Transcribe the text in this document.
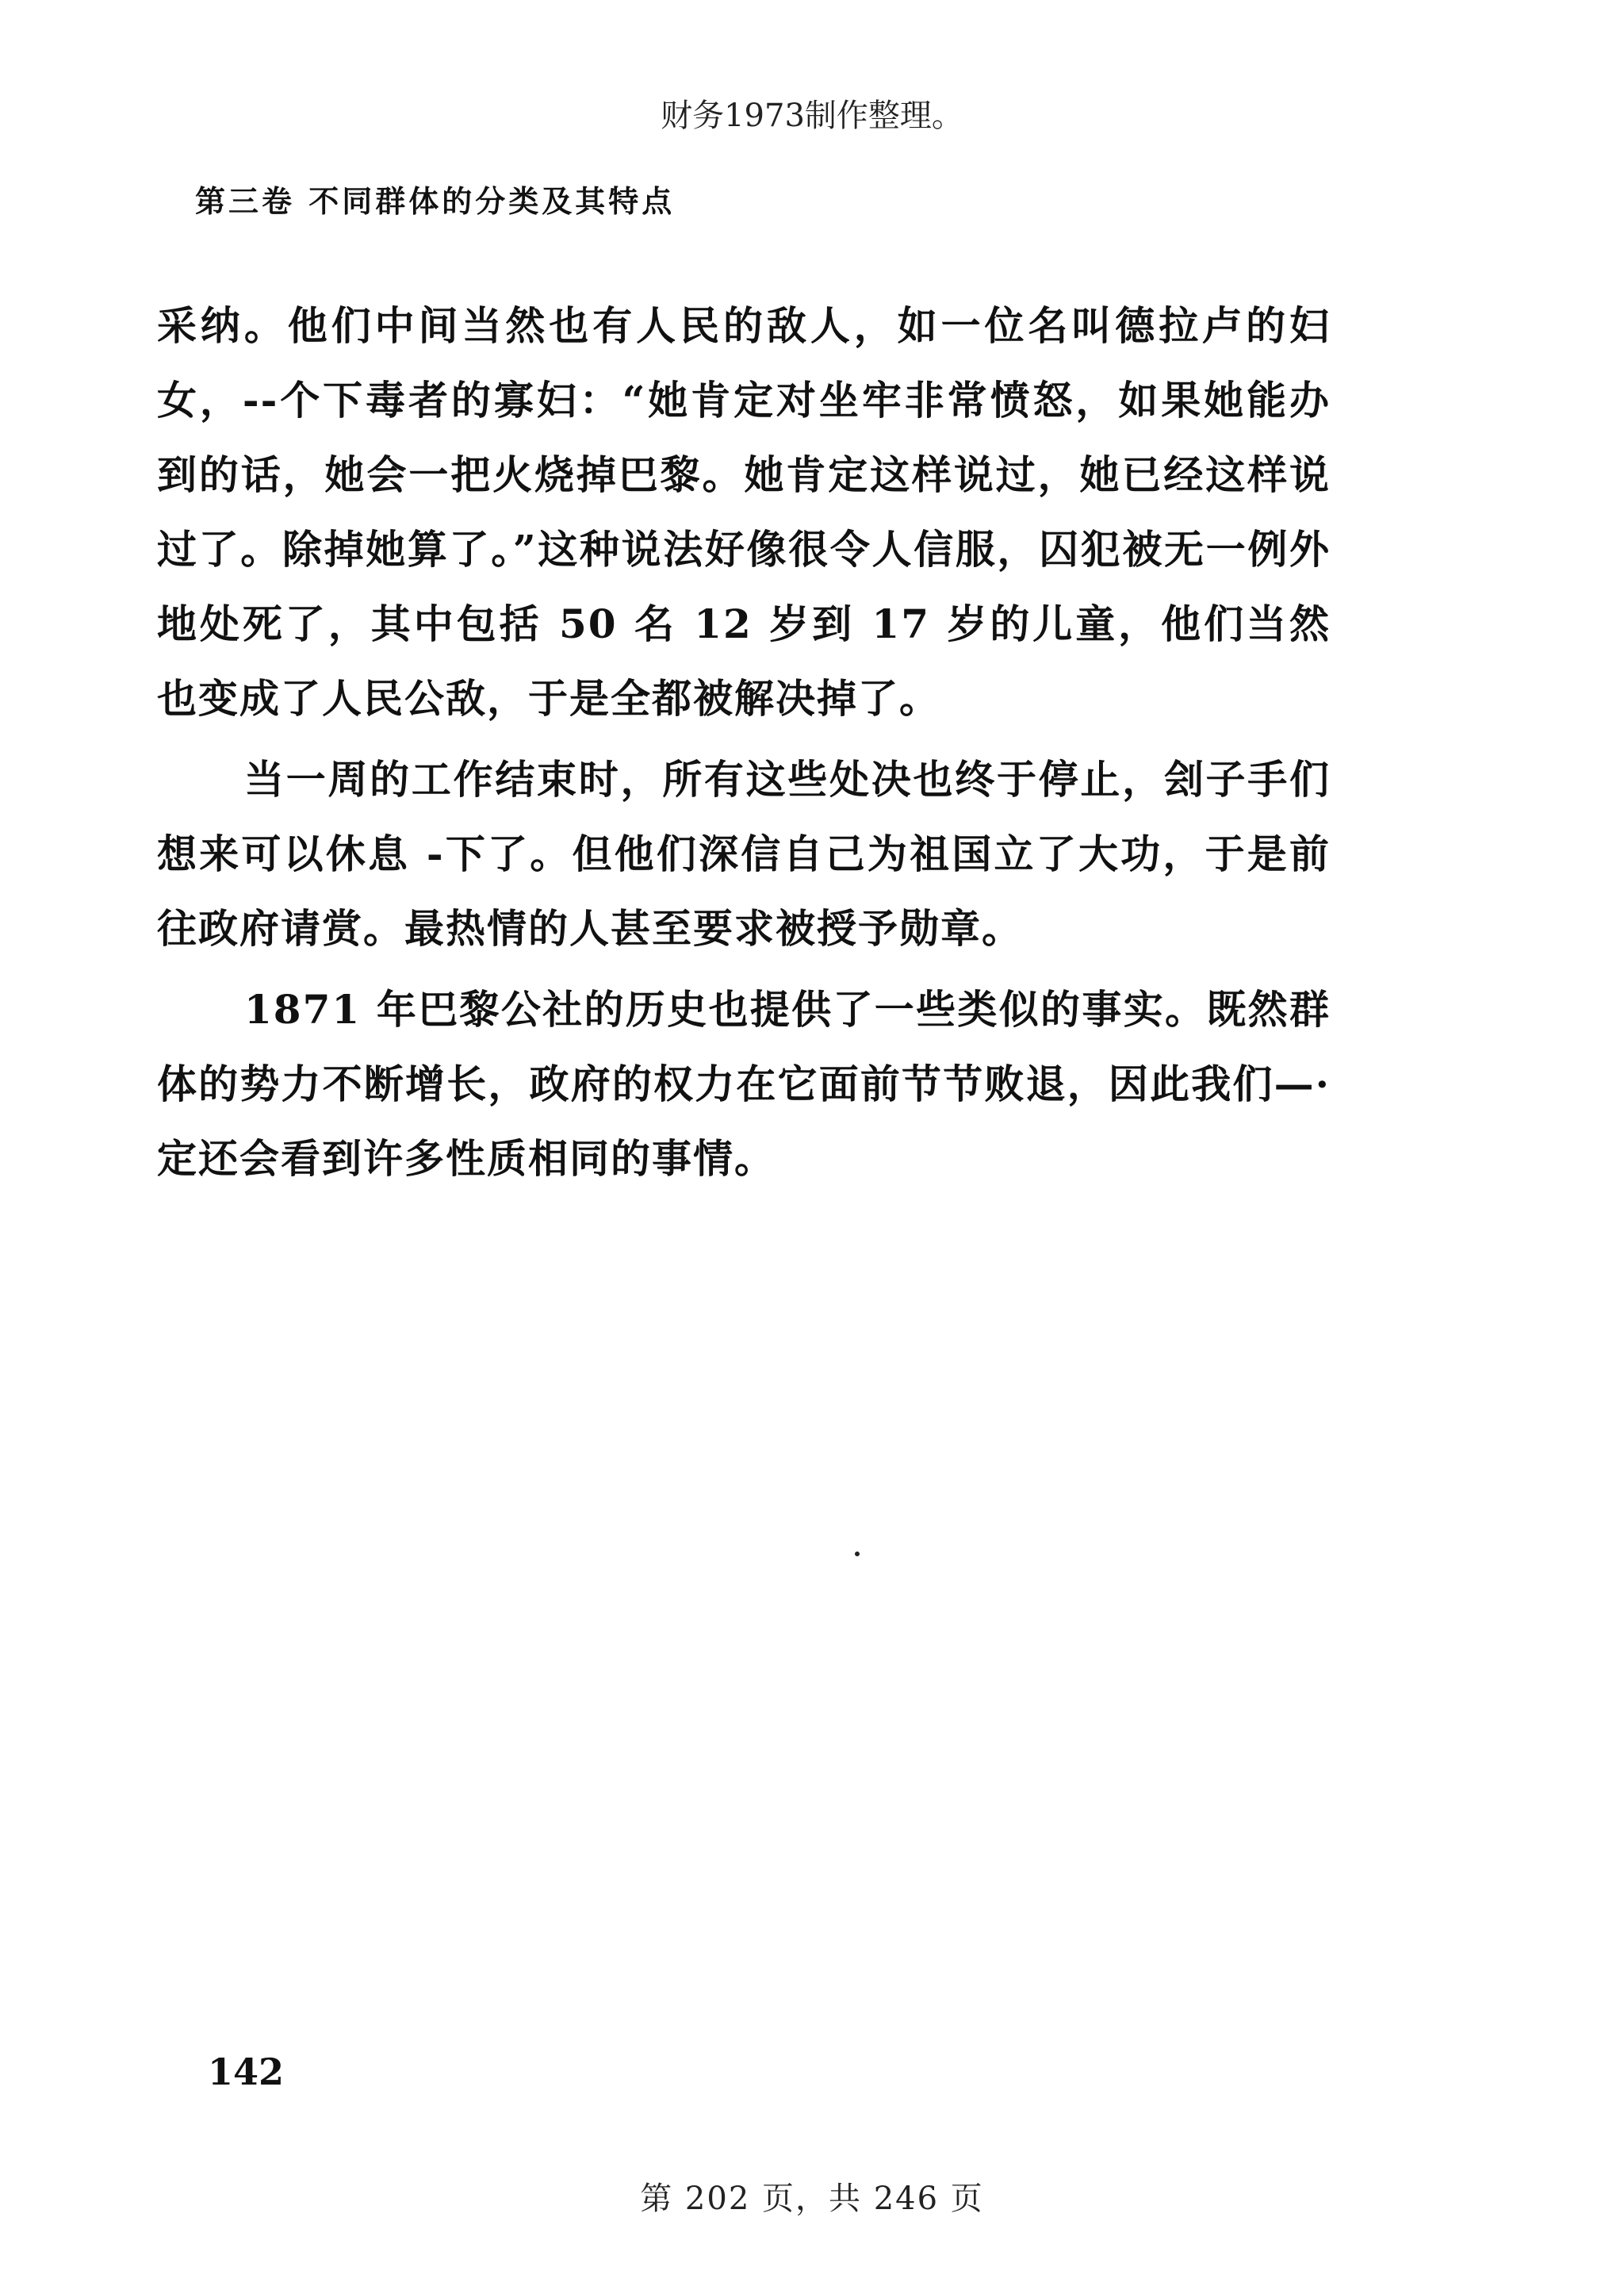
财务1973制作整理。
第三卷 不同群体的分类及其特点

采纳。他们中间当然也有人民的敌人，如一位名叫德拉卢的妇女，--个下毒者的寡妇：“她肯定对坐牢非常愤怒，如果她能办到的话，她会一把火烧掉巴黎。她肯定这样说过，她已经这样说过了。除掉她算了。”这种说法好像很令人信服，囚犯被无一例外地处死了，其中包括 50 名 12 岁到 17 岁的儿童，他们当然也变成了人民公敌，于是全都被解决掉了。

当一周的工作结束时，所有这些处决也终于停止，刽子手们想来可以休息 -下了。但他们深信自己为祖国立了大功，于是前往政府请赏。最热情的人甚至要求被授予勋章。

1871 年巴黎公社的历史也提供了一些类似的事实。既然群体的势力不断增长，政府的权力在它面前节节败退，因此我们—·定还会看到许多性质相同的事情。

142
第 202 页，共 246 页
